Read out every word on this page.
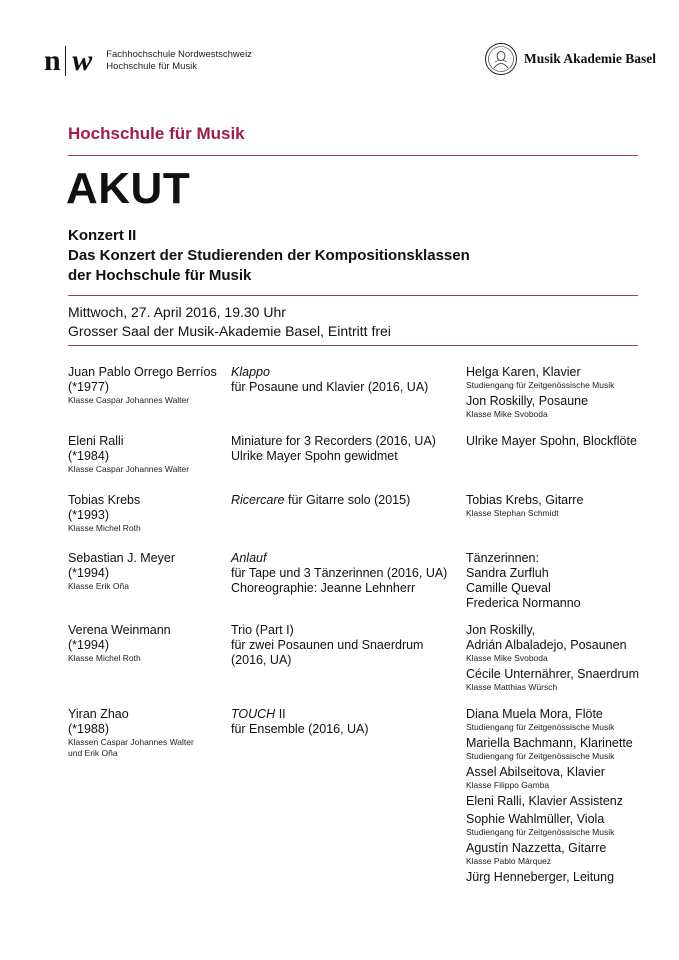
n w Fachhochschule Nordwestschweiz
Hochschule für Musik
Musik Akademie Basel
Hochschule für Musik
AKUT
Konzert II
Das Konzert der Studierenden der Kompositionsklassen
der Hochschule für Musik
Mittwoch, 27. April 2016, 19.30 Uhr
Grosser Saal der Musik-Akademie Basel, Eintritt frei
Juan Pablo Orrego Berríos
(*1977)
Klasse Caspar Johannes Walter
Klappo
für Posaune und Klavier (2016, UA)
Helga Karen, Klavier
Studiengang für Zeitgenössische Musik
Jon Roskilly, Posaune
Klasse Mike Svoboda
Eleni Ralli
(*1984)
Klasse Caspar Johannes Walter
Miniature for 3 Recorders (2016, UA)
Ulrike Mayer Spohn gewidmet
Ulrike Mayer Spohn, Blockflöte
Tobias Krebs
(*1993)
Klasse Michel Roth
Ricercare für Gitarre solo (2015)	Tobias Krebs, Gitarre
Klasse Stephan Schmidt
Sebastian J. Meyer
(*1994)
Klasse Erik Oña
Anlauf
für Tape und 3 Tänzerinnen (2016, UA)
Choreographie: Jeanne Lehnherr
Tänzerinnen:
Sandra Zurfluh
Camille Queval
Frederica Normanno
Verena Weinmann
(*1994)
Klasse Michel Roth
Trio (Part I)
für zwei Posaunen und Snaerdrum
(2016, UA)
Jon Roskilly,
Adrián Albaladejo, Posaunen
Klasse Mike Svoboda
Cécile Unternährer, Snaerdrum
Klasse Matthias Würsch
Yiran Zhao
(*1988)
Klassen Caspar Johannes Walter
und Erik Oña
TOUCH II
für Ensemble (2016, UA)
Diana Muela Mora, Flöte
Studiengang für Zeitgenössische Musik
Mariella Bachmann, Klarinette
Studiengang für Zeitgenössische Musik
Assel Abilseitova, Klavier
Klasse Filippo Gamba
Eleni Ralli, Klavier Assistenz
Sophie Wahlmüller, Viola
Studiengang für Zeitgenössische Musik
Agustín Nazzetta, Gitarre
Klasse Pablo Márquez
Jürg Henneberger, Leitung
